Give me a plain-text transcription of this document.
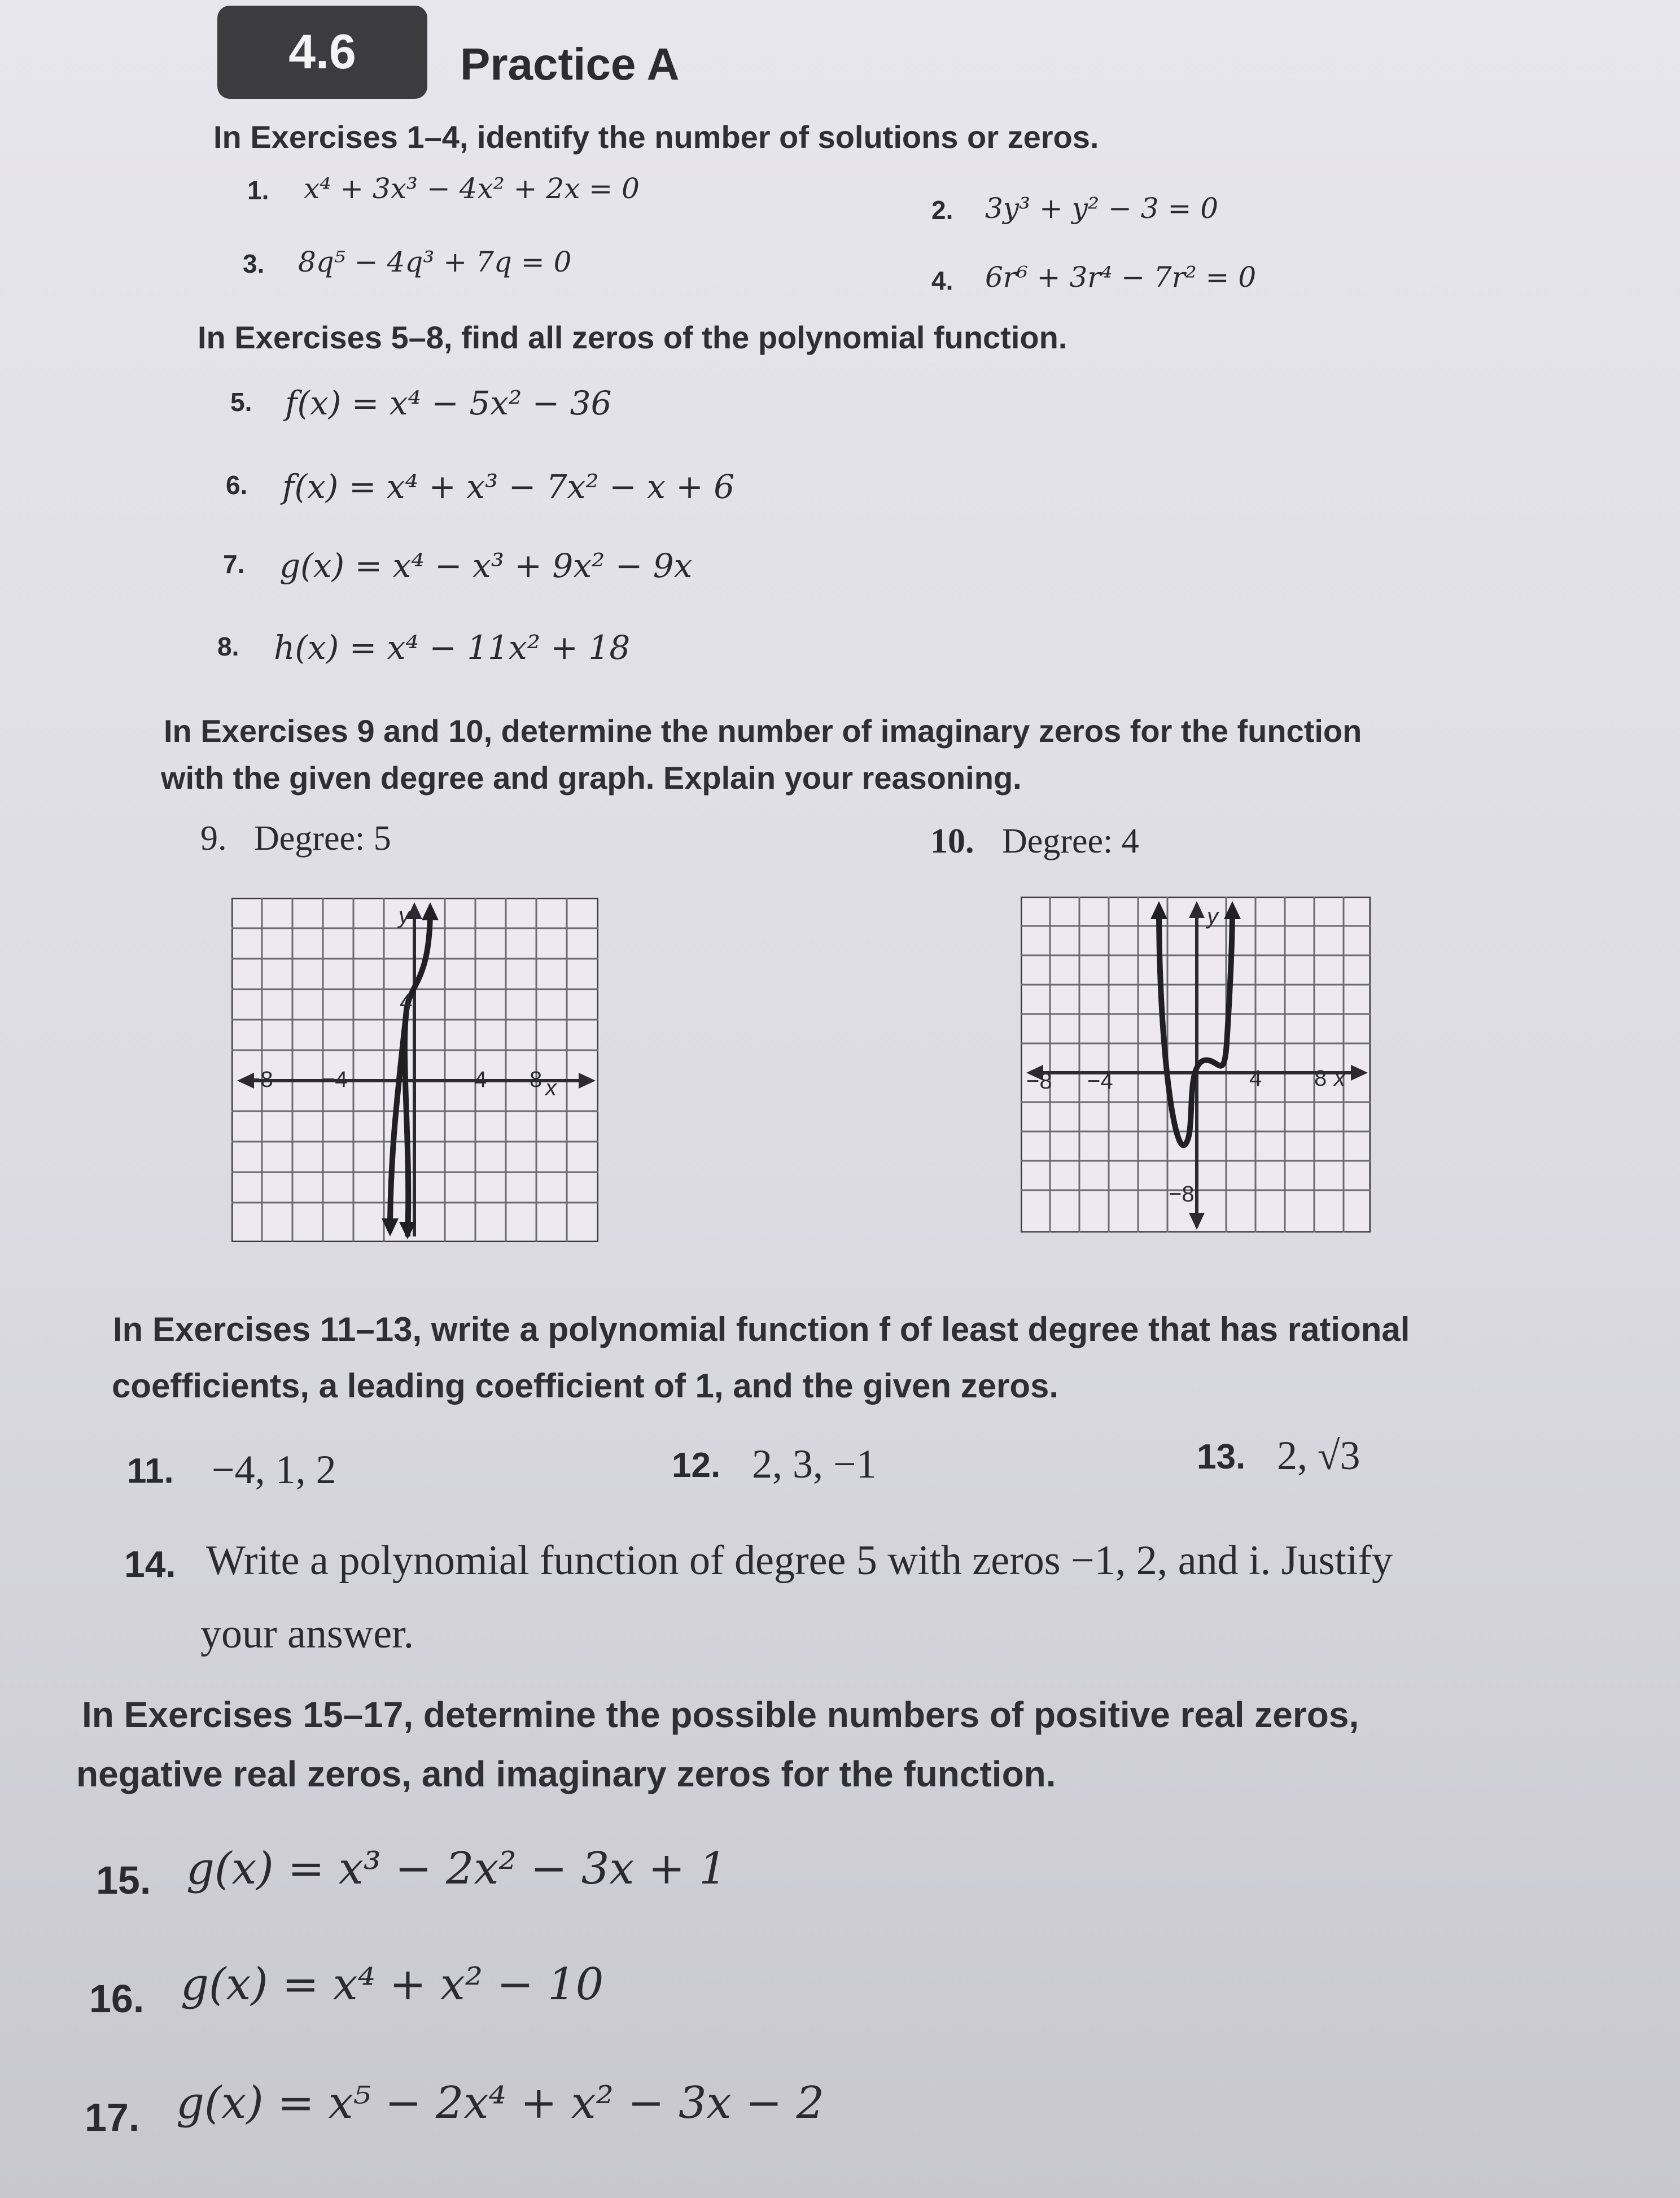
4.6	Practice A
In Exercises 1–4, identify the number of solutions or zeros.
1. x⁴ + 3x³ − 4x² + 2x = 0
2. 3y³ + y² − 3 = 0
3. 8q⁵ − 4q³ + 7q = 0
4. 6r⁶ + 3r⁴ − 7r² = 0
In Exercises 5–8, find all zeros of the polynomial function.
5. f(x) = x⁴ − 5x² − 36
6. f(x) = x⁴ + x³ − 7x² − x + 6
7. g(x) = x⁴ − x³ + 9x² − 9x
8. h(x) = x⁴ − 11x² + 18
In Exercises 9 and 10, determine the number of imaginary zeros for the function
with the given degree and graph. Explain your reasoning.
9. Degree: 5	10. Degree: 4
y
x
4
−8 −4	4 8
y
x
−8
−8 −4	4 8
In Exercises 11–13, write a polynomial function f of least degree that has rational
coefficients, a leading coefficient of 1, and the given zeros.
11. −4, 1, 2	12. 2, 3, −1	13. 2, √3
14. Write a polynomial function of degree 5 with zeros −1, 2, and i. Justify
your answer.
In Exercises 15–17, determine the possible numbers of positive real zeros,
negative real zeros, and imaginary zeros for the function.
15. g(x) = x³ − 2x² − 3x + 1
16. g(x) = x⁴ + x² − 10
17. g(x) = x⁵ − 2x⁴ + x² − 3x − 2
